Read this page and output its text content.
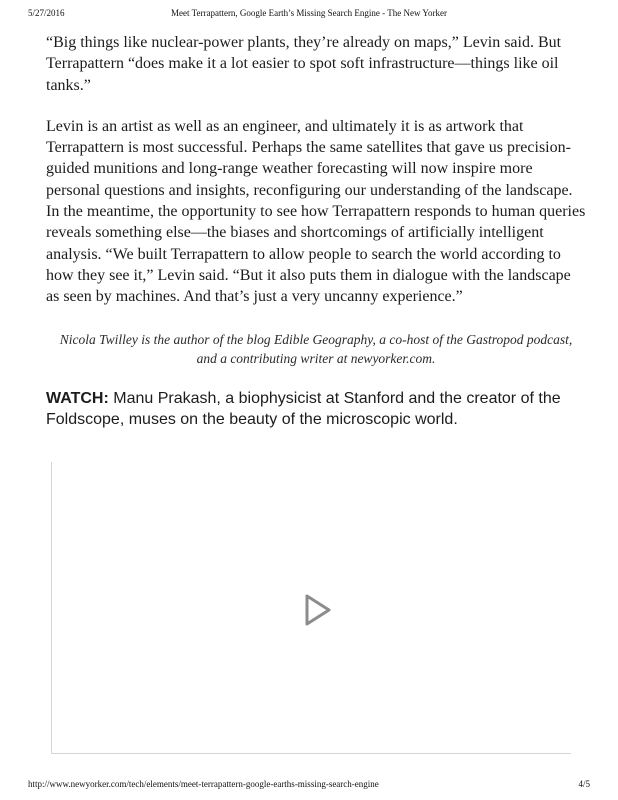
5/27/2016	Meet Terrapattern, Google Earth’s Missing Search Engine - The New Yorker

“Big things like nuclear-power plants, they’re already on maps,” Levin said. But Terrapattern “does make it a lot easier to spot soft infrastructure—things like oil tanks.”

Levin is an artist as well as an engineer, and ultimately it is as artwork that Terrapattern is most successful. Perhaps the same satellites that gave us precision-guided munitions and long-range weather forecasting will now inspire more personal questions and insights, reconfiguring our understanding of the landscape. In the meantime, the opportunity to see how Terrapattern responds to human queries reveals something else—the biases and shortcomings of artificially intelligent analysis. “We built Terrapattern to allow people to search the world according to how they see it,” Levin said. “But it also puts them in dialogue with the landscape as seen by machines. And that’s just a very uncanny experience.”

Nicola Twilley is the author of the blog Edible Geography, a co-host of the Gastropod podcast, and a contributing writer at newyorker.com.

WATCH: Manu Prakash, a biophysicist at Stanford and the creator of the Foldscope, muses on the beauty of the microscopic world.

http://www.newyorker.com/tech/elements/meet-terrapattern-google-earths-missing-search-engine	4/5
